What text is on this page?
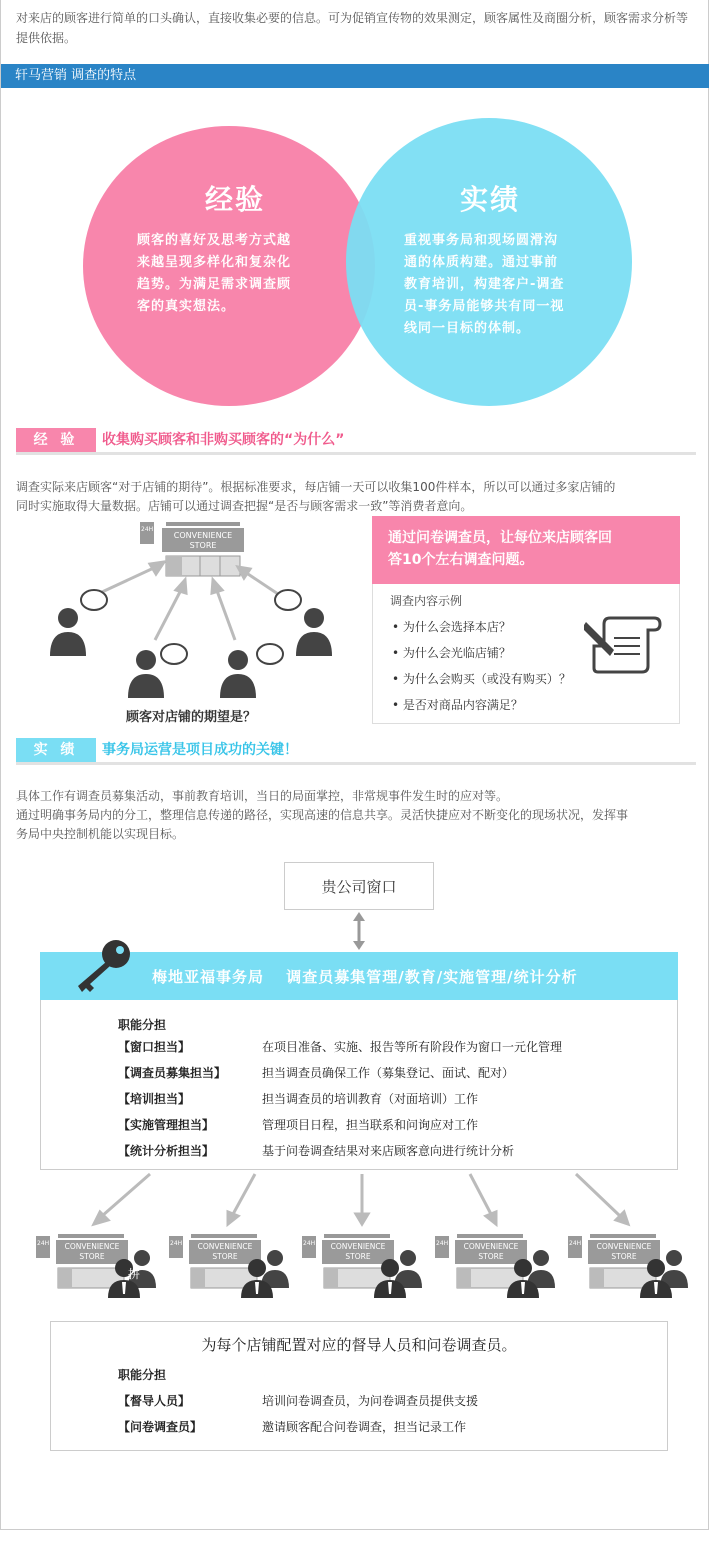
对来店的顾客进行简单的口头确认，直接收集必要的信息。可为促销宣传物的效果测定，顾客属性及商圈分析，顾客需求分析等提供依据。
轩马营销 调查的特点
经验
顾客的喜好及思考方式越
来越呈现多样化和复杂化
趋势。为满足需求调查顾
客的真实想法。
实绩
重视事务局和现场圆滑沟
通的体质构建。通过事前
教育培训，构建客户-调查
员-事务局能够共有同一视
线同一目标的体制。
经 验	收集购买顾客和非购买顾客的“为什么”
调查实际来店顾客“对于店铺的期待”。根据标准要求，每店铺一天可以收集100件样本，所以可以通过多家店铺的
同时实施取得大量数据。店铺可以通过调查把握“是否与顾客需求一致”等消费者意向。
24H
CONVENIENCE
STORE
顾客对店铺的期望是？
通过问卷调查员，让每位来店顾客回
答10个左右调查问题。
调查内容示例
• 为什么会选择本店？
• 为什么会光临店铺？
• 为什么会购买（或没有购买）？
• 是否对商品内容满足？
实 绩	事务局运营是项目成功的关键！
具体工作有调查员募集活动，事前教育培训，当日的局面掌控，非常规事件发生时的应对等。
通过明确事务局内的分工，整理信息传递的路径，实现高速的信息共享。灵活快捷应对不断变化的现场状况，发挥事
务局中央控制机能以实现目标。
贵公司窗口
梅地亚福事务局　 调查员募集管理/教育/实施管理/统计分析
职能分担
【窗口担当】	在项目准备、实施、报告等所有阶段作为窗口一元化管理
【调查员募集担当】	担当调查员确保工作（募集登记、面试、配对）
【培训担当】	担当调查员的培训教育（对面培训）工作
【实施管理担当】	管理项目日程，担当联系和问询应对工作
【统计分析担当】	基于问卷调查结果对来店顾客意向进行统计分析
24H CONVENIENCE
STORE
拼
24H CONVENIENCE
STORE
24H CONVENIENCE
STORE
24H CONVENIENCE
STORE
24H CONVENIENCE
STORE
为每个店铺配置对应的督导人员和问卷调查员。
职能分担
【督导人员】	培训问卷调查员，为问卷调查员提供支援
【问卷调查员】	邀请顾客配合问卷调查，担当记录工作
